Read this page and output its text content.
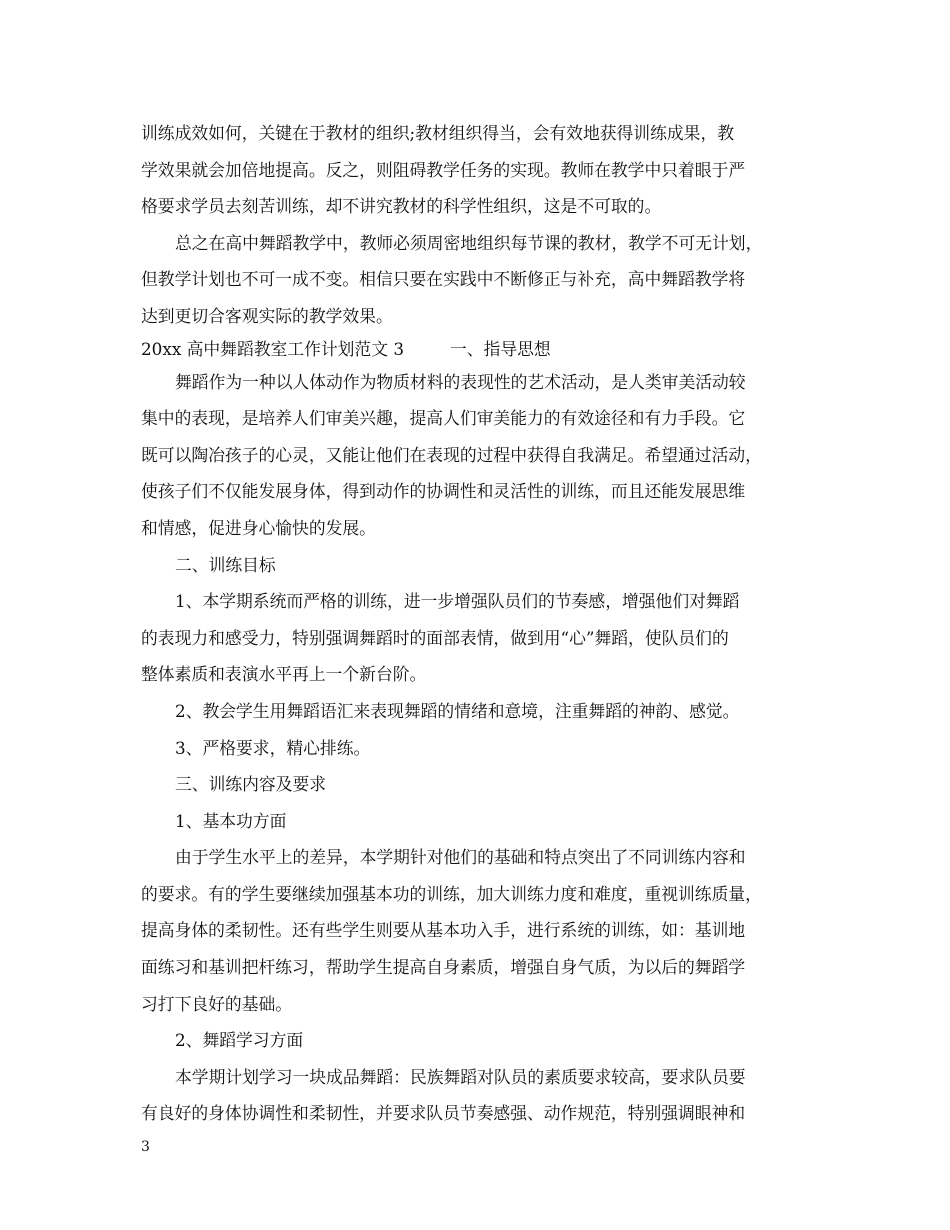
训练成效如何，关键在于教材的组织;教材组织得当，会有效地获得训练成果，教
学效果就会加倍地提高。反之，则阻碍教学任务的实现。教师在教学中只着眼于严
格要求学员去刻苦训练，却不讲究教材的科学性组织，这是不可取的。
总之在高中舞蹈教学中，教师必须周密地组织每节课的教材，教学不可无计划，
但教学计划也不可一成不变。相信只要在实践中不断修正与补充，高中舞蹈教学将
达到更切合客观实际的教学效果。
20xx 高中舞蹈教室工作计划范文 3	一、指导思想
舞蹈作为一种以人体动作为物质材料的表现性的艺术活动，是人类审美活动较
集中的表现，是培养人们审美兴趣，提高人们审美能力的有效途径和有力手段。它
既可以陶冶孩子的心灵，又能让他们在表现的过程中获得自我满足。希望通过活动，
使孩子们不仅能发展身体，得到动作的协调性和灵活性的训练，而且还能发展思维
和情感，促进身心愉快的发展。
二、训练目标
1、本学期系统而严格的训练，进一步增强队员们的节奏感，增强他们对舞蹈
的表现力和感受力，特别强调舞蹈时的面部表情，做到用“心”舞蹈，使队员们的
整体素质和表演水平再上一个新台阶。
2、教会学生用舞蹈语汇来表现舞蹈的情绪和意境，注重舞蹈的神韵、感觉。
3、严格要求，精心排练。
三、训练内容及要求
1、基本功方面
由于学生水平上的差异，本学期针对他们的基础和特点突出了不同训练内容和
的要求。有的学生要继续加强基本功的训练，加大训练力度和难度，重视训练质量，
提高身体的柔韧性。还有些学生则要从基本功入手，进行系统的训练，如：基训地
面练习和基训把杆练习，帮助学生提高自身素质，增强自身气质，为以后的舞蹈学
习打下良好的基础。
2、舞蹈学习方面
本学期计划学习一块成品舞蹈：民族舞蹈对队员的素质要求较高，要求队员要
有良好的身体协调性和柔韧性，并要求队员节奏感强、动作规范，特别强调眼神和
3
